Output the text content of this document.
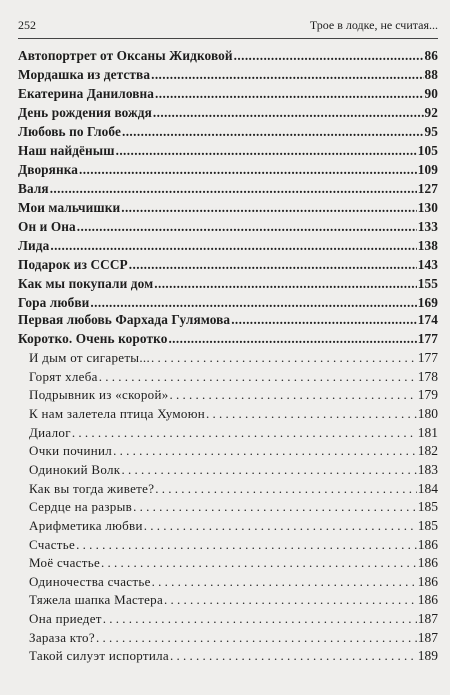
252	Трое в лодке, не считая...
Автопортрет от Оксаны Жидковой .....	86
Мордашка из детства .....	88
Екатерина Даниловна .....	90
День рождения вождя .....	92
Любовь по Глобе .....	95
Наш найдёныш .....	105
Дворянка .....	109
Валя .....	127
Мои мальчишки .....	130
Он и Она .....	133
Лида .....	138
Подарок из СССР .....	143
Как мы покупали дом .....	155
Гора любви .....	169
Первая любовь Фархада Гулямова .....	174
Коротко. Очень коротко .....	177
И дым от сигареты... . . .	177
Горят хлеба . . .	178
Подрывник из «скорой» . . .	179
К нам залетела птица Хумоюн . . .	180
Диалог . . .	181
Очки починил . . .	182
Одинокий Волк . . .	183
Как вы тогда живете? . . .	184
Сердце на разрыв . . .	185
Арифметика любви . . .	185
Счастье . . .	186
Моё счастье . . .	186
Одиночества счастье . . .	186
Тяжела шапка Мастера . . .	186
Она приедет . . .	187
Зараза кто? . . .	187
Такой силуэт испортила . . .	189
